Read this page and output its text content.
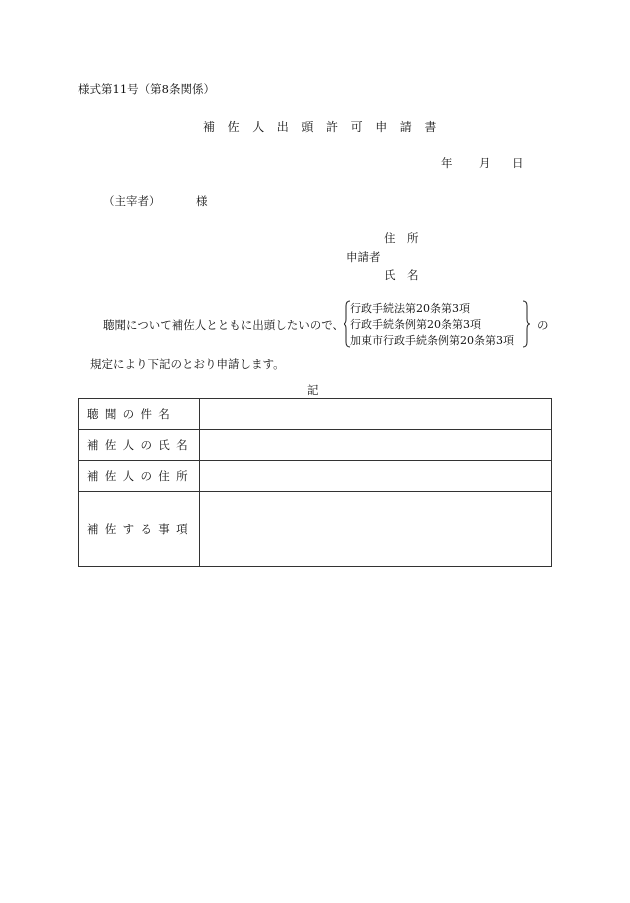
様式第11号（第8条関係）
補佐人出頭許可申請書
年 月 日
（主宰者）	様
住　所
申請者
氏　名
聴聞について補佐人とともに出頭したいので、
行政手続法第20条第3項
行政手続条例第20条第3項
加東市行政手続条例第20条第3項
の
規定により下記のとおり申請します。
記
聴聞の件名	
補佐人の氏名	
補佐人の住所	
補佐する事項	
